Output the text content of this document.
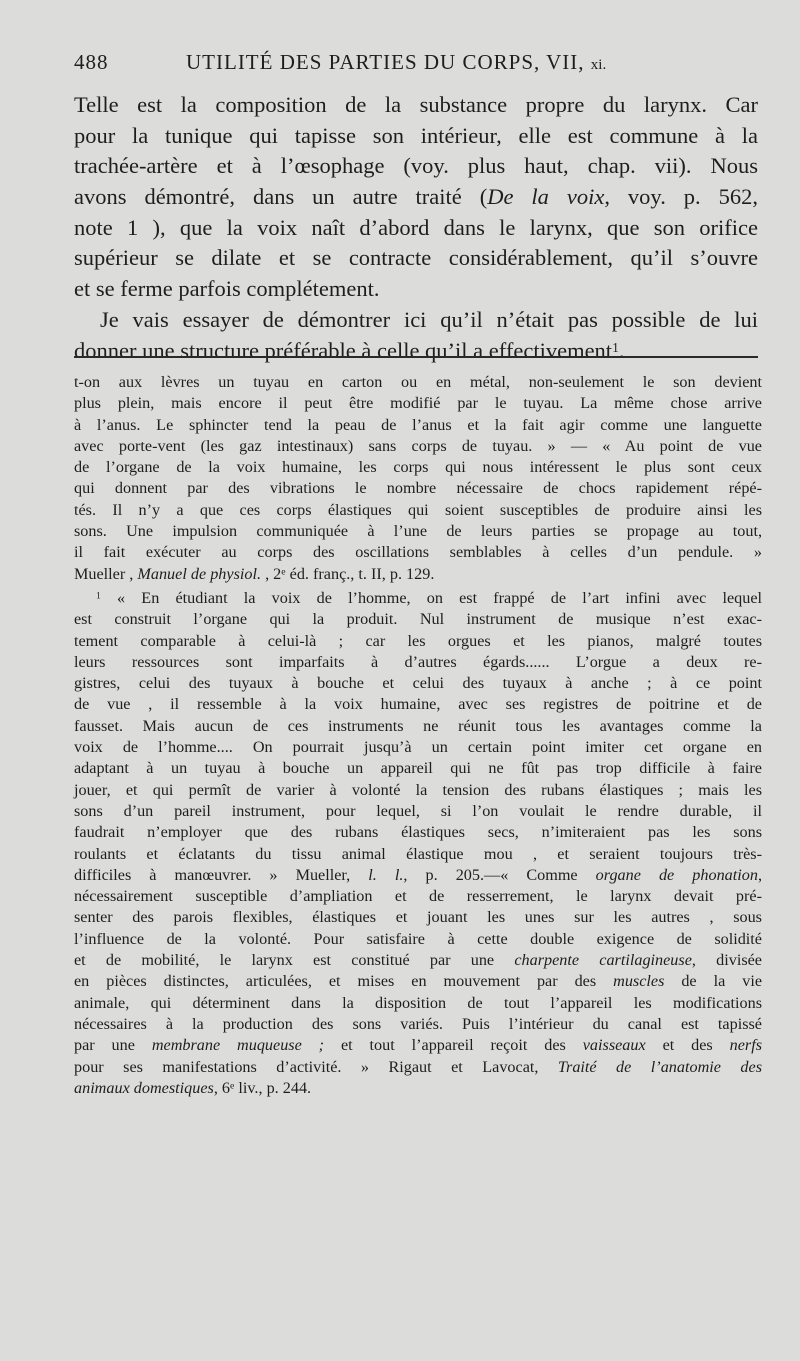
488	UTILITÉ DES PARTIES DU CORPS, VII, xi.
Telle est la composition de la substance propre du larynx. Car
pour la tunique qui tapisse son intérieur, elle est commune à la
trachée-artère et à l’œsophage (voy. plus haut, chap. vii). Nous
avons démontré, dans un autre traité (De la voix, voy. p. 562,
note 1 ), que la voix naît d’abord dans le larynx, que son orifice
supérieur se dilate et se contracte considérablement, qu’il s’ouvre
et se ferme parfois complétement.
Je vais essayer de démontrer ici qu’il n’était pas possible de lui
donner une structure préférable à celle qu’il a effectivement$^1$.
t-on aux lèvres un tuyau en carton ou en métal, non-seulement le son devient
plus plein, mais encore il peut être modifié par le tuyau. La même chose arrive
à l’anus. Le sphincter tend la peau de l’anus et la fait agir comme une languette
avec porte-vent (les gaz intestinaux) sans corps de tuyau. » — « Au point de vue
de l’organe de la voix humaine, les corps qui nous intéressent le plus sont ceux
qui donnent par des vibrations le nombre nécessaire de chocs rapidement répé-
tés. Il n’y a que ces corps élastiques qui soient susceptibles de produire ainsi les
sons. Une impulsion communiquée à l’une de leurs parties se propage au tout,
il fait exécuter au corps des oscillations semblables à celles d’un pendule. »
Mueller , Manuel de physiol. , 2e éd. franç., t. II, p. 129.
$^1$ « En étudiant la voix de l’homme, on est frappé de l’art infini avec lequel
est construit l’organe qui la produit. Nul instrument de musique n’est exac-
tement comparable à celui-là ; car les orgues et les pianos, malgré toutes
leurs ressources sont imparfaits à d’autres égards...... L’orgue a deux re-
gistres, celui des tuyaux à bouche et celui des tuyaux à anche ; à ce point
de vue , il ressemble à la voix humaine, avec ses registres de poitrine et de
fausset. Mais aucun de ces instruments ne réunit tous les avantages comme la
voix de l’homme.... On pourrait jusqu’à un certain point imiter cet organe en
adaptant à un tuyau à bouche un appareil qui ne fût pas trop difficile à faire
jouer, et qui permît de varier à volonté la tension des rubans élastiques ; mais les
sons d’un pareil instrument, pour lequel, si l’on voulait le rendre durable, il
faudrait n’employer que des rubans élastiques secs, n’imiteraient pas les sons
roulants et éclatants du tissu animal élastique mou , et seraient toujours très-
difficiles à manœuvrer. » Mueller, l. l., p. 205.—« Comme organe de phonation,
nécessairement susceptible d’ampliation et de resserrement, le larynx devait pré-
senter des parois flexibles, élastiques et jouant les unes sur les autres , sous
l’influence de la volonté. Pour satisfaire à cette double exigence de solidité
et de mobilité, le larynx est constitué par une charpente cartilagineuse, divisée
en pièces distinctes, articulées, et mises en mouvement par des muscles de la vie
animale, qui déterminent dans la disposition de tout l’appareil les modifications
nécessaires à la production des sons variés. Puis l’intérieur du canal est tapissé
par une membrane muqueuse ; et tout l’appareil reçoit des vaisseaux et des nerfs
pour ses manifestations d’activité. » Rigaut et Lavocat, Traité de l’anatomie des
animaux domestiques, 6e liv., p. 244.
